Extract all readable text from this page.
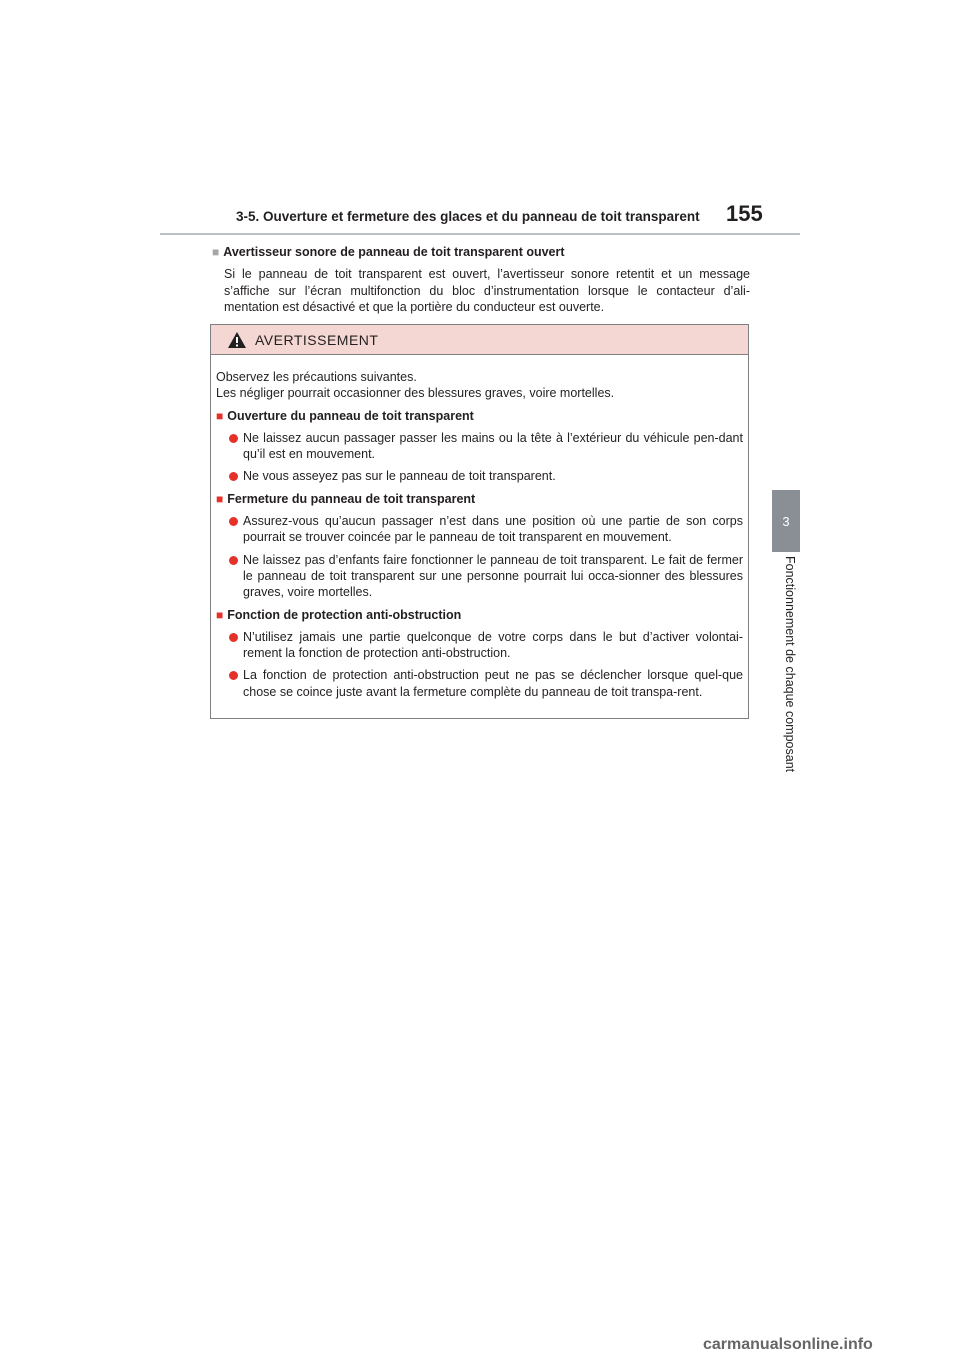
3-5. Ouverture et fermeture des glaces et du panneau de toit transparent 155
3
Fonctionnement de chaque composant
■ Avertisseur sonore de panneau de toit transparent ouvert
Si le panneau de toit transparent est ouvert, l’avertisseur sonore retentit et un message s’affiche sur l’écran multifonction du bloc d’instrumentation lorsque le contacteur d’ali-mentation est désactivé et que la portière du conducteur est ouverte.
AVERTISSEMENT
Observez les précautions suivantes.
Les négliger pourrait occasionner des blessures graves, voire mortelles.
■ Ouverture du panneau de toit transparent
Ne laissez aucun passager passer les mains ou la tête à l’extérieur du véhicule pen-dant qu’il est en mouvement.
Ne vous asseyez pas sur le panneau de toit transparent.
■ Fermeture du panneau de toit transparent
Assurez-vous qu’aucun passager n’est dans une position où une partie de son corps pourrait se trouver coincée par le panneau de toit transparent en mouvement.
Ne laissez pas d’enfants faire fonctionner le panneau de toit transparent. Le fait de fermer le panneau de toit transparent sur une personne pourrait lui occa-sionner des blessures graves, voire mortelles.
■ Fonction de protection anti-obstruction
N’utilisez jamais une partie quelconque de votre corps dans le but d’activer volontai-rement la fonction de protection anti-obstruction.
La fonction de protection anti-obstruction peut ne pas se déclencher lorsque quel-que chose se coince juste avant la fermeture complète du panneau de toit transpa-rent.
carmanualsonline.info
